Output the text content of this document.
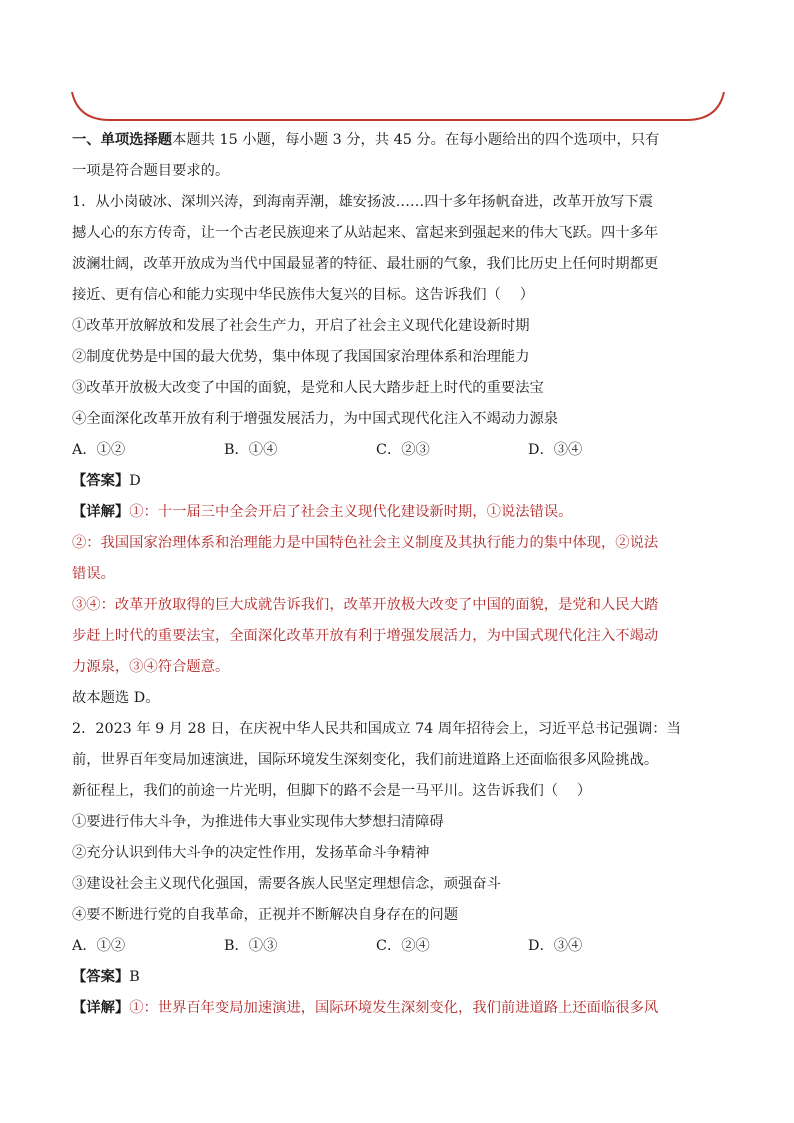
一、单项选择题本题共 15 小题，每小题 3 分，共 45 分。在每小题给出的四个选项中，只有
一项是符合题目要求的。
1．从小岗破冰、深圳兴涛，到海南弄潮，雄安扬波……四十多年扬帆奋进，改革开放写下震
撼人心的东方传奇，让一个古老民族迎来了从站起来、富起来到强起来的伟大飞跃。四十多年
波澜壮阔，改革开放成为当代中国最显著的特征、最壮丽的气象，我们比历史上任何时期都更
接近、更有信心和能力实现中华民族伟大复兴的目标。这告诉我们（　 ）
①改革开放解放和发展了社会生产力，开启了社会主义现代化建设新时期
②制度优势是中国的最大优势，集中体现了我国国家治理体系和治理能力
③改革开放极大改变了中国的面貌，是党和人民大踏步赶上时代的重要法宝
④全面深化改革开放有利于增强发展活力，为中国式现代化注入不竭动力源泉
A．①②	B．①④	C．②③	D．③④
【答案】D
【详解】①：十一届三中全会开启了社会主义现代化建设新时期，①说法错误。
②：我国国家治理体系和治理能力是中国特色社会主义制度及其执行能力的集中体现，②说法
错误。
③④：改革开放取得的巨大成就告诉我们，改革开放极大改变了中国的面貌，是党和人民大踏
步赶上时代的重要法宝，全面深化改革开放有利于增强发展活力，为中国式现代化注入不竭动
力源泉，③④符合题意。
故本题选 D。
2．2023 年 9 月 28 日，在庆祝中华人民共和国成立 74 周年招待会上，习近平总书记强调：当
前，世界百年变局加速演进，国际环境发生深刻变化，我们前进道路上还面临很多风险挑战。
新征程上，我们的前途一片光明，但脚下的路不会是一马平川。这告诉我们（　 ）
①要进行伟大斗争，为推进伟大事业实现伟大梦想扫清障碍
②充分认识到伟大斗争的决定性作用，发扬革命斗争精神
③建设社会主义现代化强国，需要各族人民坚定理想信念，顽强奋斗
④要不断进行党的自我革命，正视并不断解决自身存在的问题
A．①②	B．①③	C．②④	D．③④
【答案】B
【详解】①：世界百年变局加速演进，国际环境发生深刻变化，我们前进道路上还面临很多风
